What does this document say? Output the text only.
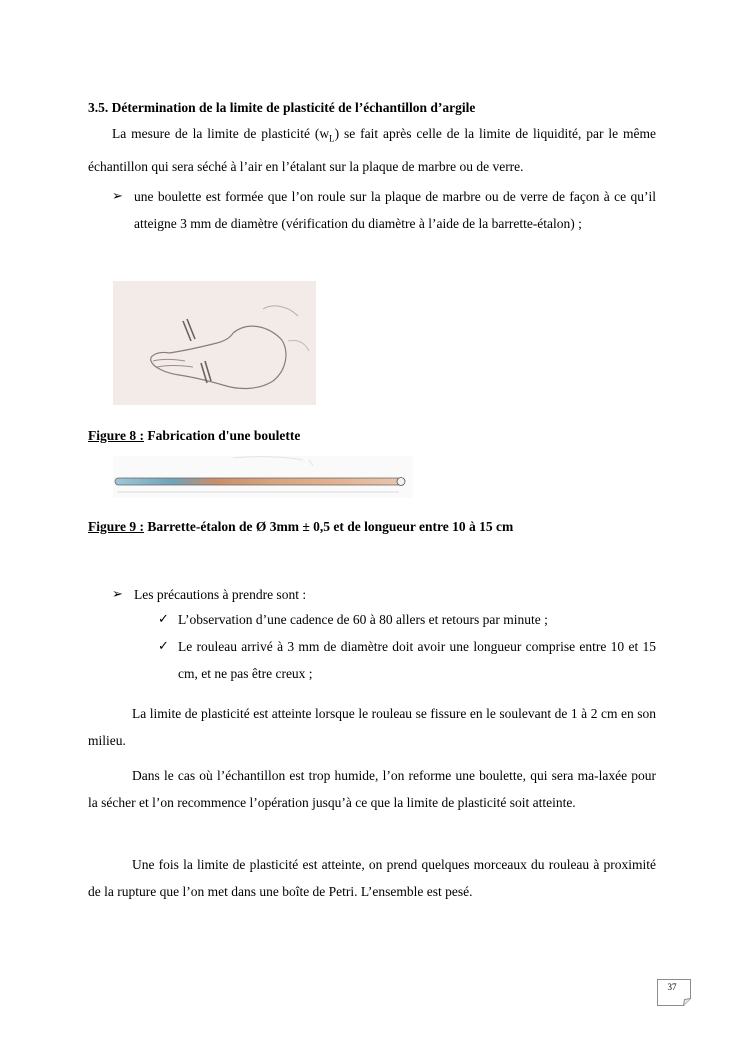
3.5. Détermination de la limite de plasticité de l’échantillon d’argile
La mesure de la limite de plasticité $(w_L)$ se fait après celle de la limite de liquidité, par le même échantillon qui sera séché à l’air en l’étalant sur la plaque de marbre ou de verre.
➢ une boulette est formée que l’on roule sur la plaque de marbre ou de verre de façon à ce qu’il atteigne 3 mm de diamètre (vérification du diamètre à l’aide de la barrette-étalon) ;
Figure 8 : Fabrication d'une boulette
Figure 9 : Barrette-étalon de Ø 3mm ± 0,5 et de longueur entre 10 à 15 cm
➢ Les précautions à prendre sont :
✓ L’observation d’une cadence de 60 à 80 allers et retours par minute ;
✓ Le rouleau arrivé à 3 mm de diamètre doit avoir une longueur comprise entre 10 et 15 cm, et ne pas être creux ;
La limite de plasticité est atteinte lorsque le rouleau se fissure en le soulevant de 1 à 2 cm en son milieu.
Dans le cas où l’échantillon est trop humide, l’on reforme une boulette, qui sera ma-laxée pour la sécher et l’on recommence l’opération jusqu’à ce que la limite de plasticité soit atteinte.
Une fois la limite de plasticité est atteinte, on prend quelques morceaux du rouleau à proximité de la rupture que l’on met dans une boîte de Petri. L’ensemble est pesé.
37
